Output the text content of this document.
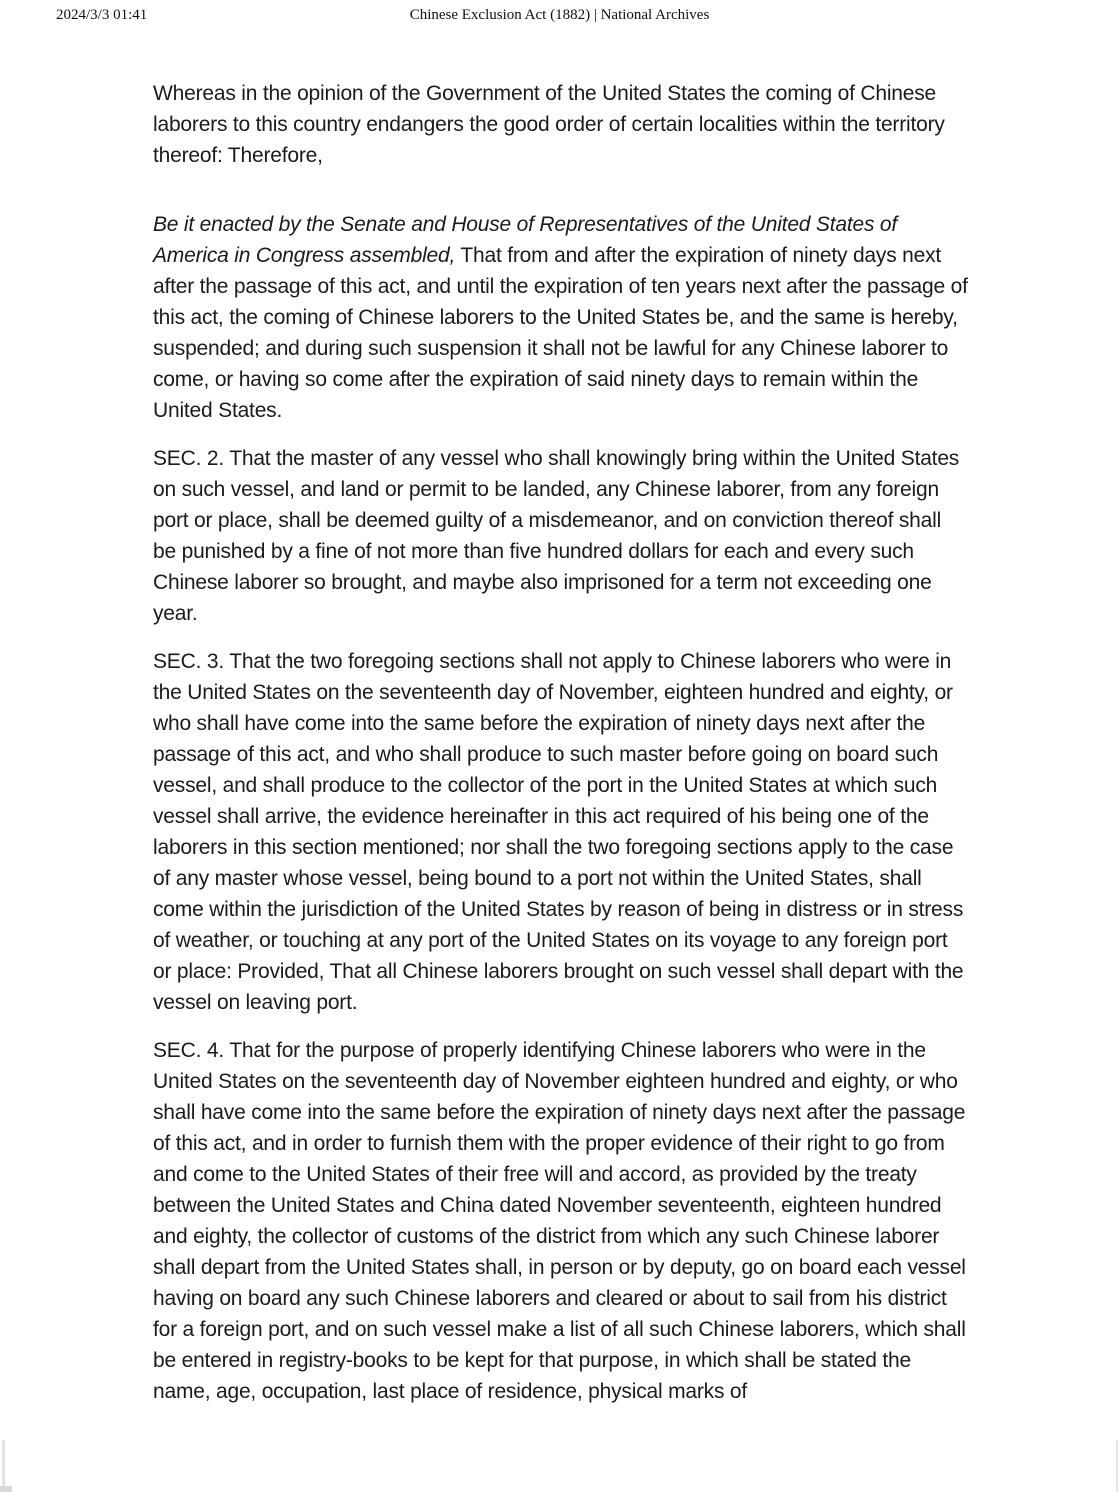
2024/3/3 01:41	Chinese Exclusion Act (1882) | National Archives

Whereas in the opinion of the Government of the United States the coming of Chinese laborers to this country endangers the good order of certain localities within the territory thereof: Therefore,

Be it enacted by the Senate and House of Representatives of the United States of America in Congress assembled, That from and after the expiration of ninety days next after the passage of this act, and until the expiration of ten years next after the passage of this act, the coming of Chinese laborers to the United States be, and the same is hereby, suspended; and during such suspension it shall not be lawful for any Chinese laborer to come, or having so come after the expiration of said ninety days to remain within the United States.

SEC. 2. That the master of any vessel who shall knowingly bring within the United States on such vessel, and land or permit to be landed, any Chinese laborer, from any foreign port or place, shall be deemed guilty of a misdemeanor, and on conviction thereof shall be punished by a fine of not more than five hundred dollars for each and every such Chinese laborer so brought, and maybe also imprisoned for a term not exceeding one year.

SEC. 3. That the two foregoing sections shall not apply to Chinese laborers who were in the United States on the seventeenth day of November, eighteen hundred and eighty, or who shall have come into the same before the expiration of ninety days next after the passage of this act, and who shall produce to such master before going on board such vessel, and shall produce to the collector of the port in the United States at which such vessel shall arrive, the evidence hereinafter in this act required of his being one of the laborers in this section mentioned; nor shall the two foregoing sections apply to the case of any master whose vessel, being bound to a port not within the United States, shall come within the jurisdiction of the United States by reason of being in distress or in stress of weather, or touching at any port of the United States on its voyage to any foreign port or place: Provided, That all Chinese laborers brought on such vessel shall depart with the vessel on leaving port.

SEC. 4. That for the purpose of properly identifying Chinese laborers who were in the United States on the seventeenth day of November eighteen hundred and eighty, or who shall have come into the same before the expiration of ninety days next after the passage of this act, and in order to furnish them with the proper evidence of their right to go from and come to the United States of their free will and accord, as provided by the treaty between the United States and China dated November seventeenth, eighteen hundred and eighty, the collector of customs of the district from which any such Chinese laborer shall depart from the United States shall, in person or by deputy, go on board each vessel having on board any such Chinese laborers and cleared or about to sail from his district for a foreign port, and on such vessel make a list of all such Chinese laborers, which shall be entered in registry-books to be kept for that purpose, in which shall be stated the name, age, occupation, last place of residence, physical marks of
